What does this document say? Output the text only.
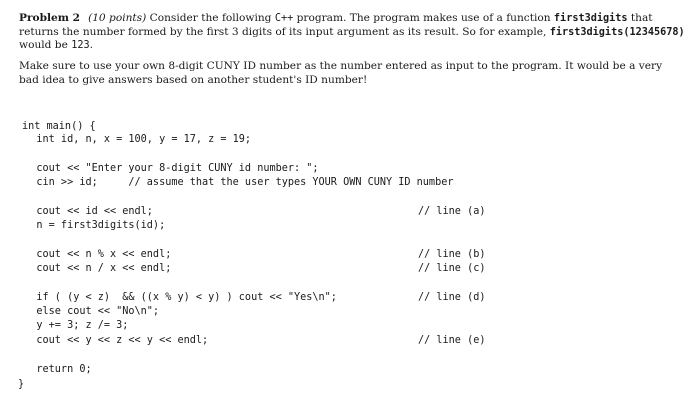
Problem 2 (10 points) Consider the following C++ program. The program makes use of a function first3digits that returns the number formed by the first 3 digits of its input argument as its result. So for example, first3digits(12345678) would be 123.

Make sure to use your own 8-digit CUNY ID number as the number entered as input to the program. It would be a very bad idea to give answers based on another student's ID number!

int main() {
int id, n, x = 100, y = 17, z = 19;
cout << "Enter your 8-digit CUNY id number: ";
cin >> id;     // assume that the user types YOUR OWN CUNY ID number
cout << id << endl;
n = first3digits(id);
cout << n % x << endl;
cout << n / x << endl;
if ( (y < z)  && ((x % y) < y) ) cout << "Yes\n";
else cout << "No\n";
y += 3; z /= 3;
cout << y << z << y << endl;
return 0;
}
// line (a)
// line (b)
// line (c)
// line (d)
// line (e)
